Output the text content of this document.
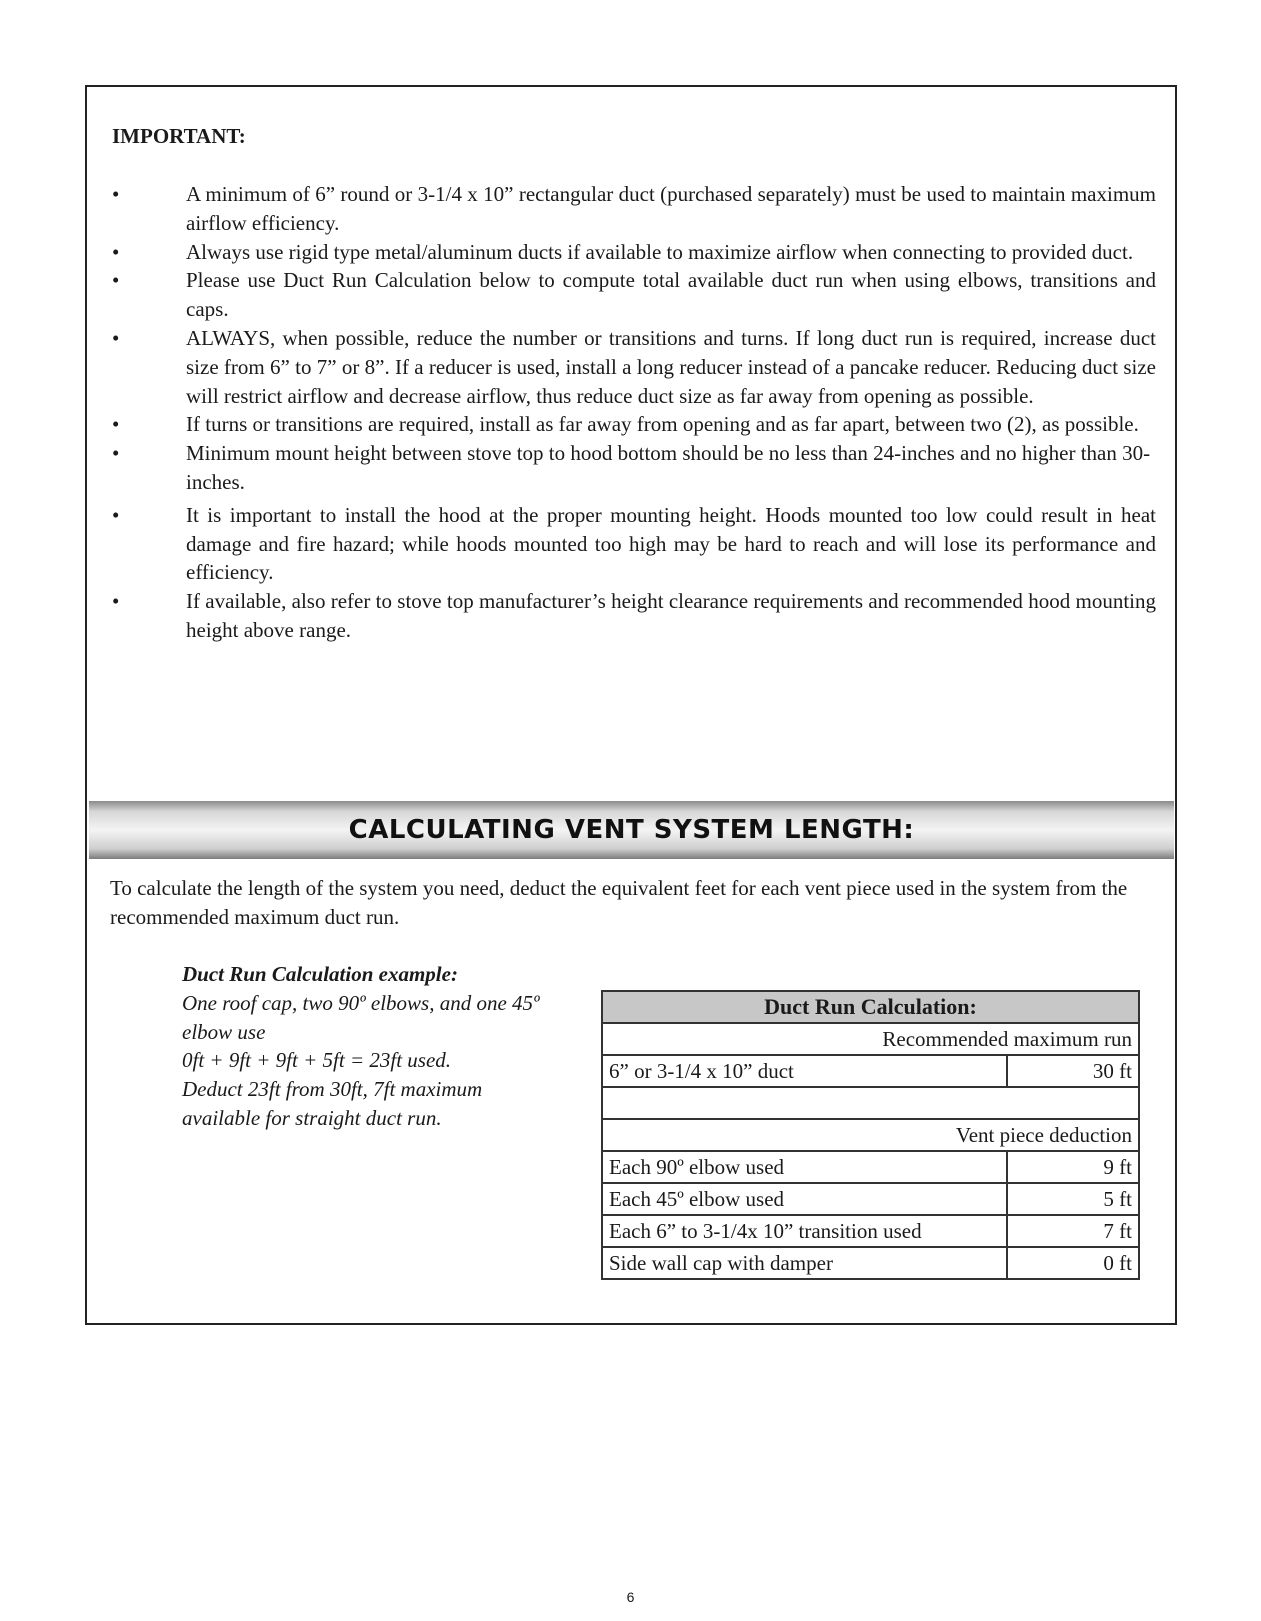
IMPORTANT:
•	A minimum of 6” round or 3-1/4 x 10” rectangular duct (purchased separately) must be used to maintain maximum airflow efficiency.
•	Always use rigid type metal/aluminum ducts if available to maximize airflow when connecting to provided duct.
•	Please use Duct Run Calculation below to compute total available duct run when using elbows, transitions and caps.
•	ALWAYS, when possible, reduce the number or transitions and turns. If long duct run is required, increase duct size from 6” to 7” or 8”. If a reducer is used, install a long reducer instead of a pancake reducer. Reducing duct size will restrict airflow and decrease airflow, thus reduce duct size as far away from opening as possible.
•	If turns or transitions are required, install as far away from opening and as far apart, between two (2), as possible.
•	Minimum mount height between stove top to hood bottom should be no less than 24-inches and no higher than 30-inches.
•	It is important to install the hood at the proper mounting height. Hoods mounted too low could result in heat damage and fire hazard; while hoods mounted too high may be hard to reach and will lose its performance and efficiency.
•	If available, also refer to stove top manufacturer’s height clearance requirements and recommended hood mounting height above range.
CALCULATING VENT SYSTEM LENGTH:
To calculate the length of the system you need, deduct the equivalent feet for each vent piece used in the system from the recommended maximum duct run.
Duct Run Calculation example:
One roof cap, two 90º elbows, and one 45º
elbow use
0ft + 9ft + 9ft + 5ft = 23ft used.
Deduct 23ft from 30ft, 7ft maximum
available for straight duct run.
Duct Run Calculation:	
Recommended maximum run	
6” or 3-1/4 x 10” duct	30 ft

Vent piece deduction	
Each 90º elbow used	9 ft
Each 45º elbow used	5 ft
Each 6” to 3-1/4x 10” transition used	7 ft
Side wall cap with damper	0 ft
6
